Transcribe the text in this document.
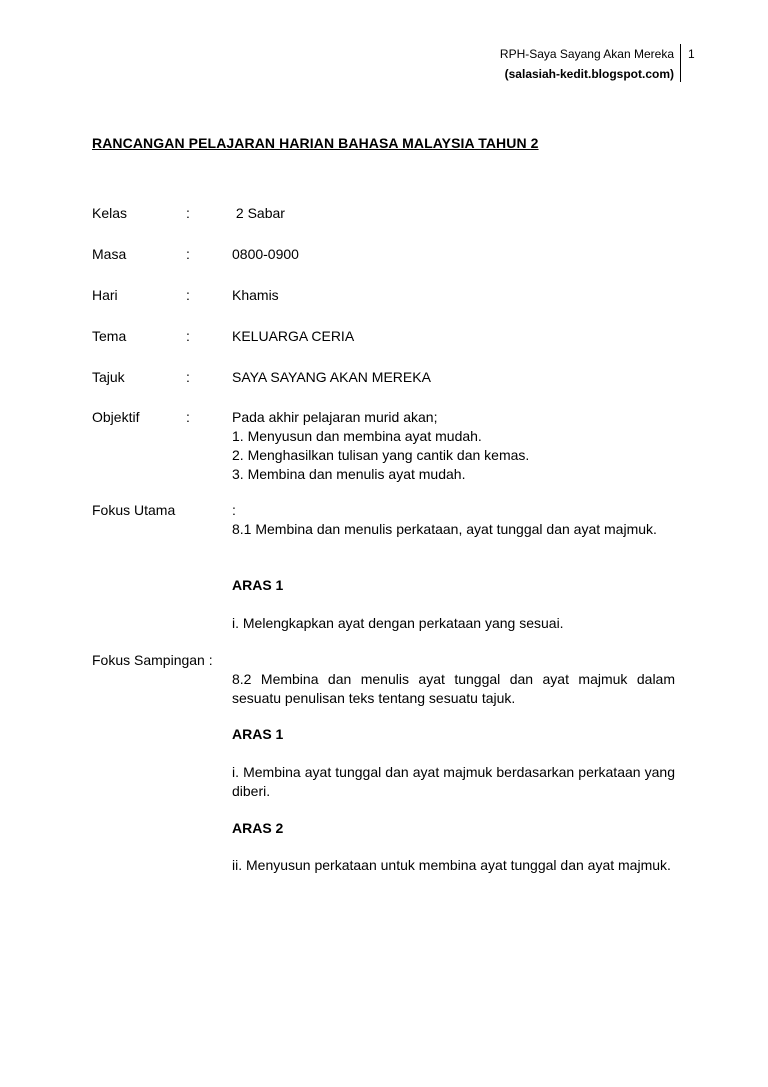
RPH-Saya Sayang Akan Mereka
(salasiah-kedit.blogspot.com)
1
RANCANGAN PELAJARAN HARIAN BAHASA MALAYSIA TAHUN 2
Kelas	:	2 Sabar
Masa	:	0800-0900
Hari	:	Khamis
Tema	:	KELUARGA CERIA
Tajuk	:	SAYA SAYANG AKAN MEREKA
Objektif	:	Pada akhir pelajaran murid akan;
1. Menyusun dan membina ayat mudah.
2. Menghasilkan tulisan yang cantik dan kemas.
3. Membina dan menulis ayat mudah.
Fokus Utama	:
8.1 Membina dan menulis perkataan, ayat tunggal dan ayat majmuk.
ARAS 1
i. Melengkapkan ayat dengan perkataan yang sesuai.
Fokus Sampingan :
8.2 Membina dan menulis ayat tunggal dan ayat majmuk dalam sesuatu penulisan teks tentang sesuatu tajuk.
ARAS 1
i. Membina ayat tunggal dan ayat majmuk berdasarkan perkataan yang diberi.
ARAS 2
ii. Menyusun perkataan untuk membina ayat tunggal dan ayat majmuk.
